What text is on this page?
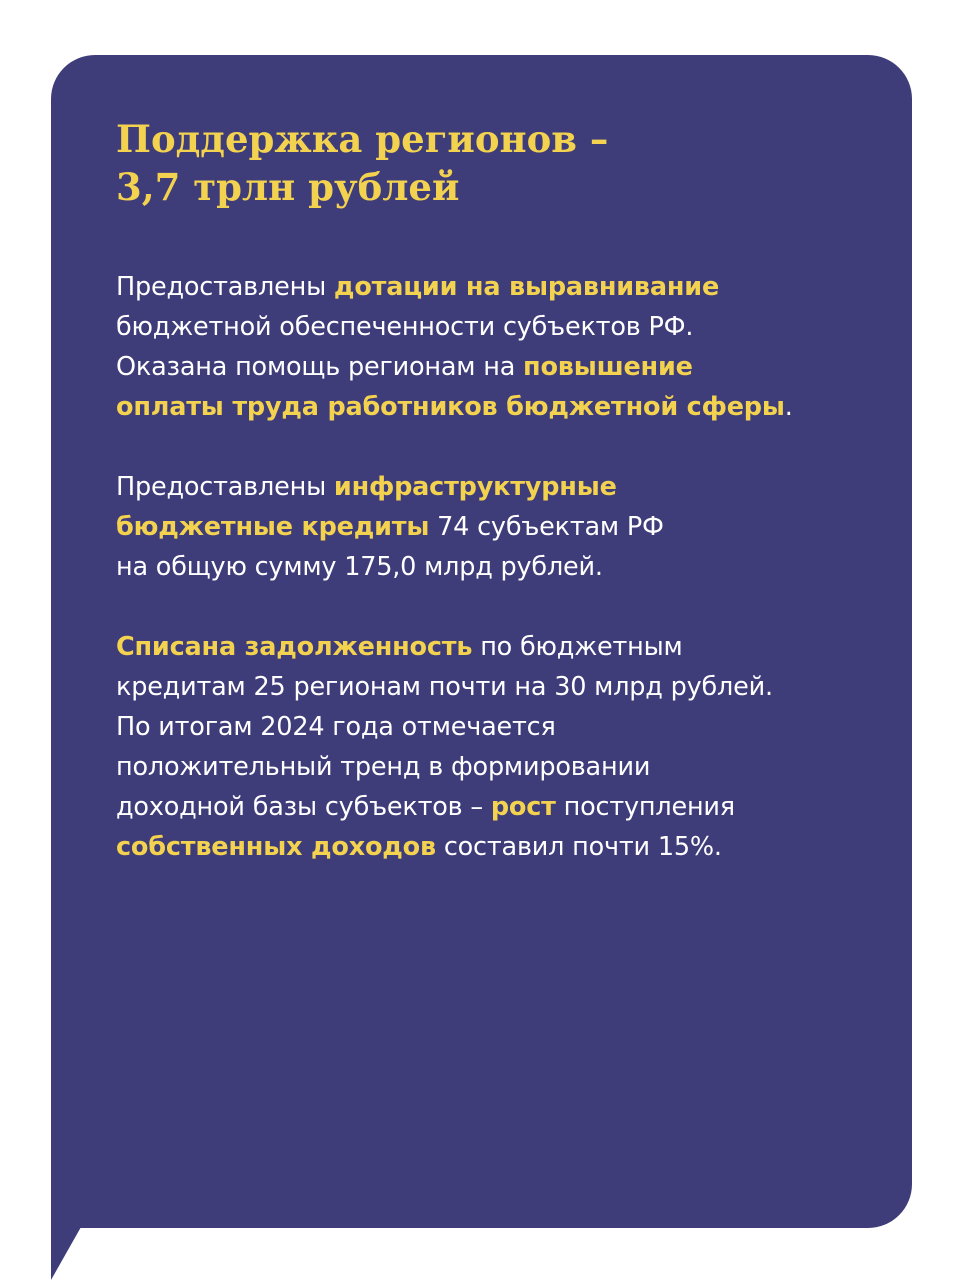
Поддержка регионов –
3,7 трлн рублей

Предоставлены дотации на выравнивание
бюджетной обеспеченности субъектов РФ.
Оказана помощь регионам на повышение
оплаты труда работников бюджетной сферы.

Предоставлены инфраструктурные
бюджетные кредиты 74 субъектам РФ
на общую сумму 175,0 млрд рублей.

Списана задолженность по бюджетным
кредитам 25 регионам почти на 30 млрд рублей.
По итогам 2024 года отмечается
положительный тренд в формировании
доходной базы субъектов – рост поступления
собственных доходов составил почти 15%.
